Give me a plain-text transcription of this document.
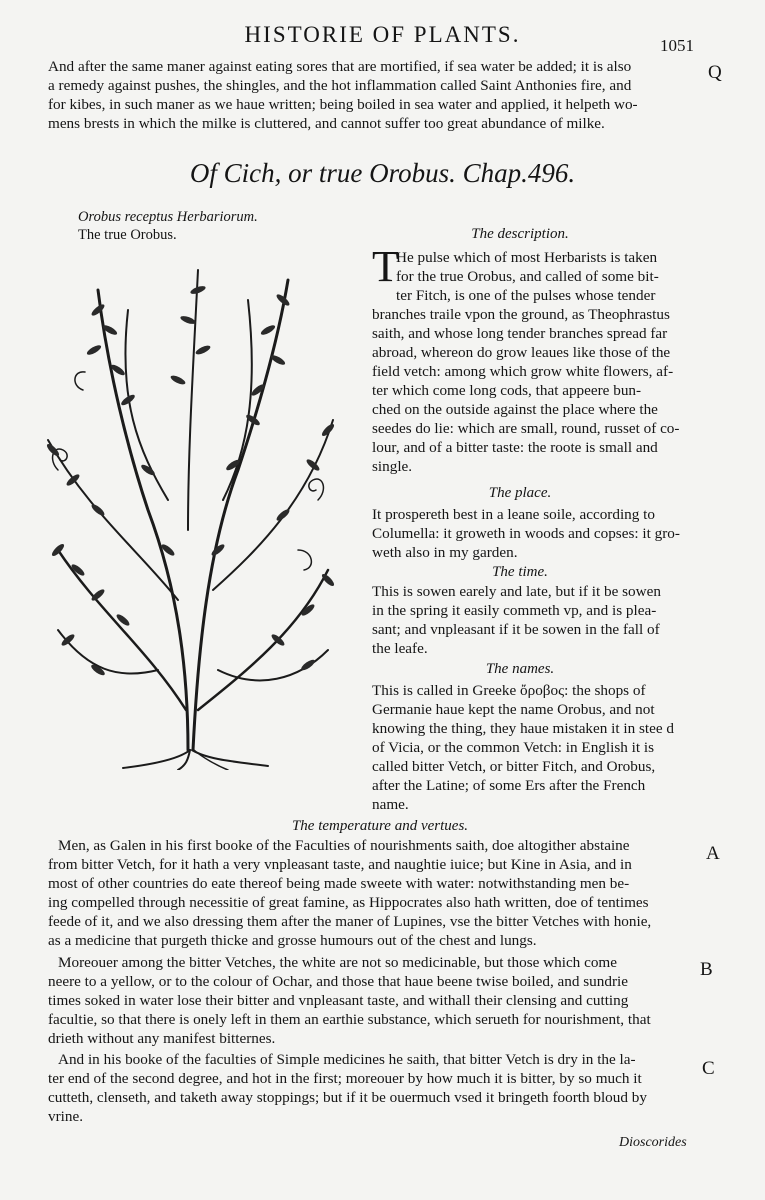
HISTORIE OF PLANTS.	1051
And after the same maner against eating sores that are mortified, if sea water be added; it is also
a remedy against pushes, the shingles, and the hot inflammation called Saint Anthonies fire, and
for kibes, in such maner as we haue written; being boiled in sea water and applied, it helpeth wo-
mens brests in which the milke is cluttered, and cannot suffer too great abundance of milke.
Q
Of Cich, or true Orobus. Chap.496.
Orobus receptus Herbariorum.
The true Orobus.	The description.
T
He pulse which of most Herbarists is taken
for the true Orobus, and called of some bit-
ter Fitch, is one of the pulses whose tender
branches traile vpon the ground, as Theophrastus
saith, and whose long tender branches spread far
abroad, whereon do grow leaues like those of the
field vetch: among which grow white flowers, af-
ter which come long cods, that appeere bun-
ched on the outside against the place where the
seedes do lie: which are small, round, russet of co-
lour, and of a bitter taste: the roote is small and
single.
The place.
It prospereth best in a leane soile, according to
Columella: it groweth in woods and copses: it gro-
weth also in my garden.
The time.
This is sowen earely and late, but if it be sowen
in the spring it easily commeth vp, and is plea-
sant; and vnpleasant if it be sowen in the fall of
the leafe.
The names.
This is called in Greeke ὄροβος: the shops of
Germanie haue kept the name Orobus, and not
knowing the thing, they haue mistaken it in stee d
of Vicia, or the common Vetch: in English it is
called bitter Vetch, or bitter Fitch, and Orobus,
after the Latine; of some Ers after the French
name.
The temperature and vertues.
Men, as Galen in his first booke of the Faculties of nourishments saith, doe altogither abstaine
from bitter Vetch, for it hath a very vnpleasant taste, and naughtie iuice; but Kine in Asia, and in
most of other countries do eate thereof being made sweete with water: notwithstanding men be-
ing compelled through necessitie of great famine, as Hippocrates also hath written, doe of tentimes
feede of it, and we also dressing them after the maner of Lupines, vse the bitter Vetches with honie,
as a medicine that purgeth thicke and grosse humours out of the chest and lungs.
A
Moreouer among the bitter Vetches, the white are not so medicinable, but those which come
neere to a yellow, or to the colour of Ochar, and those that haue beene twise boiled, and sundrie
times soked in water lose their bitter and vnpleasant taste, and withall their clensing and cutting
facultie, so that there is onely left in them an earthie substance, which serueth for nourishment, that
drieth without any manifest bitternes.
B
And in his booke of the faculties of Simple medicines he saith, that bitter Vetch is dry in the la-
ter end of the second degree, and hot in the first; moreouer by how much it is bitter, by so much it
cutteth, clenseth, and taketh away stoppings; but if it be ouermuch vsed it bringeth foorth bloud by
vrine.
C
Dioscorides
